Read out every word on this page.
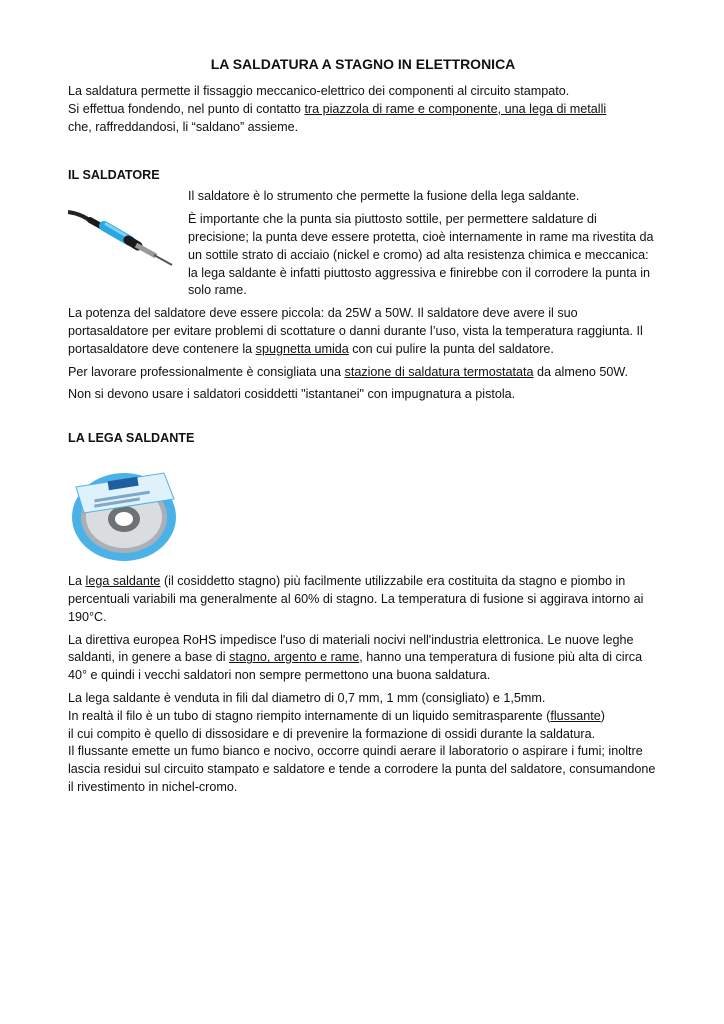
LA SALDATURA A STAGNO IN ELETTRONICA

La saldatura permette il fissaggio meccanico-elettrico dei componenti al circuito stampato.

Si effettua fondendo, nel punto di contatto tra piazzola di rame e componente, una lega di metalli

che, raffreddandosi, li “saldano” assieme.

IL SALDATORE

Il saldatore è lo strumento che permette la fusione della lega saldante.

È importante che la punta sia piuttosto sottile, per permettere saldature di precisione; la punta deve essere protetta, cioè internamente in rame ma rivestita da un sottile strato di acciaio (nickel e cromo) ad alta resistenza chimica e meccanica: la lega saldante è infatti piuttosto aggressiva e finirebbe con il corrodere la punta in solo rame.

La potenza del saldatore deve essere piccola: da 25W a 50W. Il saldatore deve avere il suo portasaldatore per evitare problemi di scottature o danni durante l’uso, vista la temperatura raggiunta. Il portasaldatore deve contenere la spugnetta umida con cui pulire la punta del saldatore.

Per lavorare professionalmente è consigliata una stazione di saldatura termostatata da almeno 50W.

Non si devono usare i saldatori cosiddetti "istantanei" con impugnatura a pistola.

LA LEGA SALDANTE

La lega saldante (il cosiddetto stagno) più facilmente utilizzabile era costituita da stagno e piombo in percentuali variabili ma generalmente al 60% di stagno. La temperatura di fusione si aggirava intorno ai 190°C.

La direttiva europea RoHS impedisce l'uso di materiali nocivi nell'industria elettronica. Le nuove leghe saldanti, in genere a base di stagno, argento e rame, hanno una temperatura di fusione più alta di circa 40° e quindi i vecchi saldatori non sempre permettono una buona saldatura.

La lega saldante è venduta in fili dal diametro di 0,7 mm, 1 mm (consigliato) e 1,5mm.

In realtà il filo è un tubo di stagno riempito internamente di un liquido semitrasparente (flussante)

il cui compito è quello di dissosidare e di prevenire la formazione di ossidi durante la saldatura.

Il flussante emette un fumo bianco e nocivo, occorre quindi aerare il laboratorio o aspirare i fumi; inoltre lascia residui sul circuito stampato e saldatore e tende a corrodere la punta del saldatore, consumandone il rivestimento in nichel-cromo.
